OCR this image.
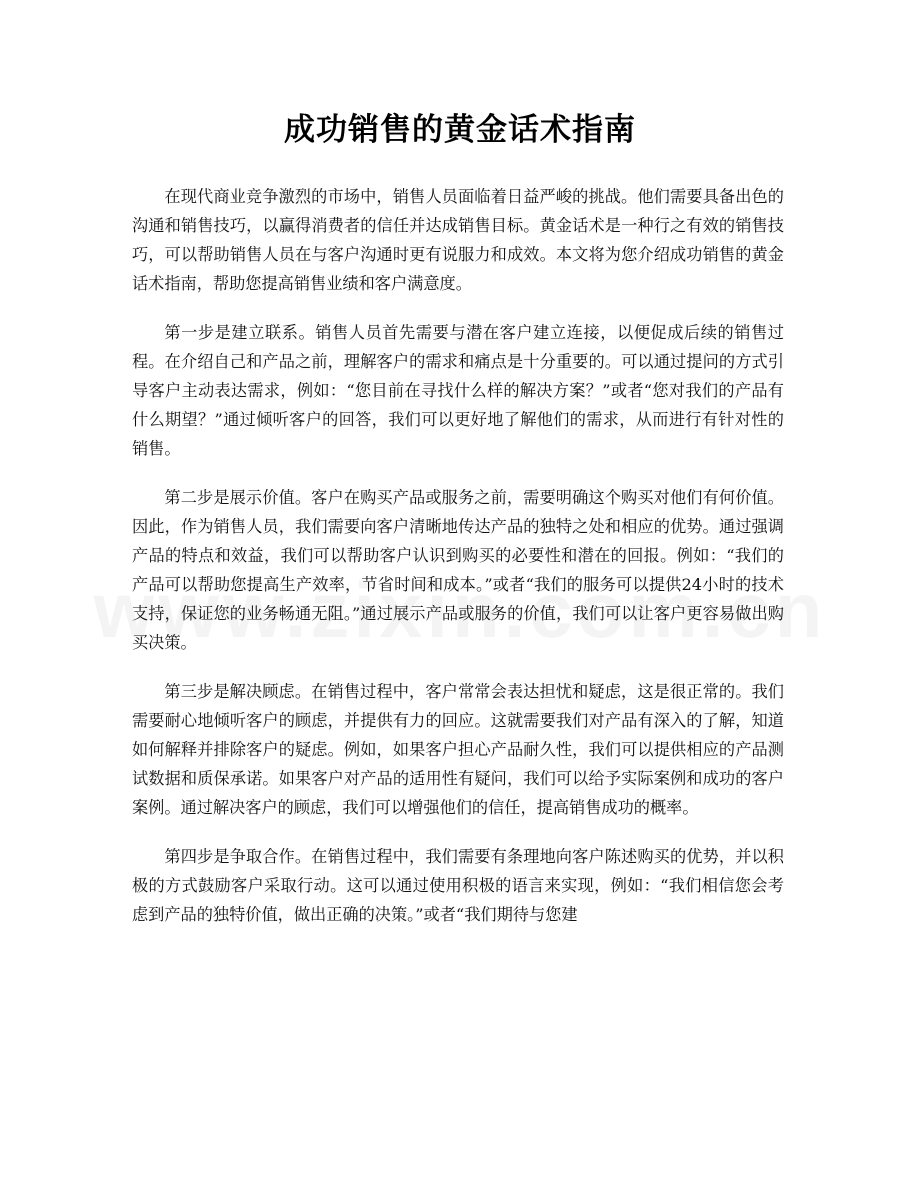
成功销售的黄金话术指南

在现代商业竞争激烈的市场中，销售人员面临着日益严峻的挑战。他们需要具备出色的沟通和销售技巧，以赢得消费者的信任并达成销售目标。黄金话术是一种行之有效的销售技巧，可以帮助销售人员在与客户沟通时更有说服力和成效。本文将为您介绍成功销售的黄金话术指南，帮助您提高销售业绩和客户满意度。

第一步是建立联系。销售人员首先需要与潜在客户建立连接，以便促成后续的销售过程。在介绍自己和产品之前，理解客户的需求和痛点是十分重要的。可以通过提问的方式引导客户主动表达需求，例如：“您目前在寻找什么样的解决方案？”或者“您对我们的产品有什么期望？”通过倾听客户的回答，我们可以更好地了解他们的需求，从而进行有针对性的销售。

第二步是展示价值。客户在购买产品或服务之前，需要明确这个购买对他们有何价值。因此，作为销售人员，我们需要向客户清晰地传达产品的独特之处和相应的优势。通过强调产品的特点和效益，我们可以帮助客户认识到购买的必要性和潜在的回报。例如：“我们的产品可以帮助您提高生产效率，节省时间和成本。”或者“我们的服务可以提供24小时的技术支持，保证您的业务畅通无阻。”通过展示产品或服务的价值，我们可以让客户更容易做出购买决策。

第三步是解决顾虑。在销售过程中，客户常常会表达担忧和疑虑，这是很正常的。我们需要耐心地倾听客户的顾虑，并提供有力的回应。这就需要我们对产品有深入的了解，知道如何解释并排除客户的疑虑。例如，如果客户担心产品耐久性，我们可以提供相应的产品测试数据和质保承诺。如果客户对产品的适用性有疑问，我们可以给予实际案例和成功的客户案例。通过解决客户的顾虑，我们可以增强他们的信任，提高销售成功的概率。

第四步是争取合作。在销售过程中，我们需要有条理地向客户陈述购买的优势，并以积极的方式鼓励客户采取行动。这可以通过使用积极的语言来实现，例如：“我们相信您会考虑到产品的独特价值，做出正确的决策。”或者“我们期待与您建
